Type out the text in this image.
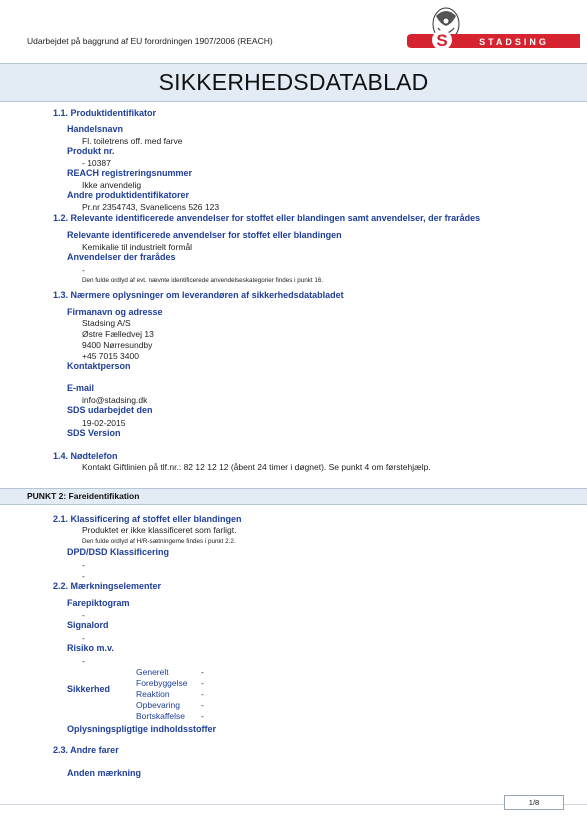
Udarbejdet på baggrund af EU forordningen 1907/2006 (REACH)	S	STADSING
SIKKERHEDSDATABLAD
1.1. Produktidentifikator
Handelsnavn
Fl. toiletrens off. med farve
Produkt nr.
- 10387
REACH registreringsnummer
Ikke anvendelig
Andre produktidentifikatorer
Pr.nr 2354743, Svanelicens 526 123
1.2. Relevante identificerede anvendelser for stoffet eller blandingen samt anvendelser, der frarådes
Relevante identificerede anvendelser for stoffet eller blandingen
Kemikalie til industrielt formål
Anvendelser der frarådes
-
Den fulde ordlyd af evt. nævnte identificerede anvendelseskategorier findes i punkt 16.
1.3. Nærmere oplysninger om leverandøren af sikkerhedsdatabladet
Firmanavn og adresse
Stadsing A/S
Østre Fælledvej 13
9400 Nørresundby
+45 7015 3400
Kontaktperson
E-mail
info@stadsing.dk
SDS udarbejdet den
19-02-2015
SDS Version
1.4. Nødtelefon
Kontakt Giftlinien på tlf.nr.: 82 12 12 12 (åbent 24 timer i døgnet). Se punkt 4 om førstehjælp.
PUNKT 2: Fareidentifikation
2.1. Klassificering af stoffet eller blandingen
Produktet er ikke klassificeret som farligt.
Den fulde ordlyd af H/R-sætningerne findes i punkt 2.2.
DPD/DSD Klassificering
-
-
2.2. Mærkningselementer
Farepiktogram
-
Signalord
-
Risiko m.v.
-
Sikkerhed
Generelt	-
Forebyggelse -
Reaktion	-
Opbevaring -
Bortskaffelse -
Oplysningspligtige indholdsstoffer
2.3. Andre farer
Anden mærkning
1/8
